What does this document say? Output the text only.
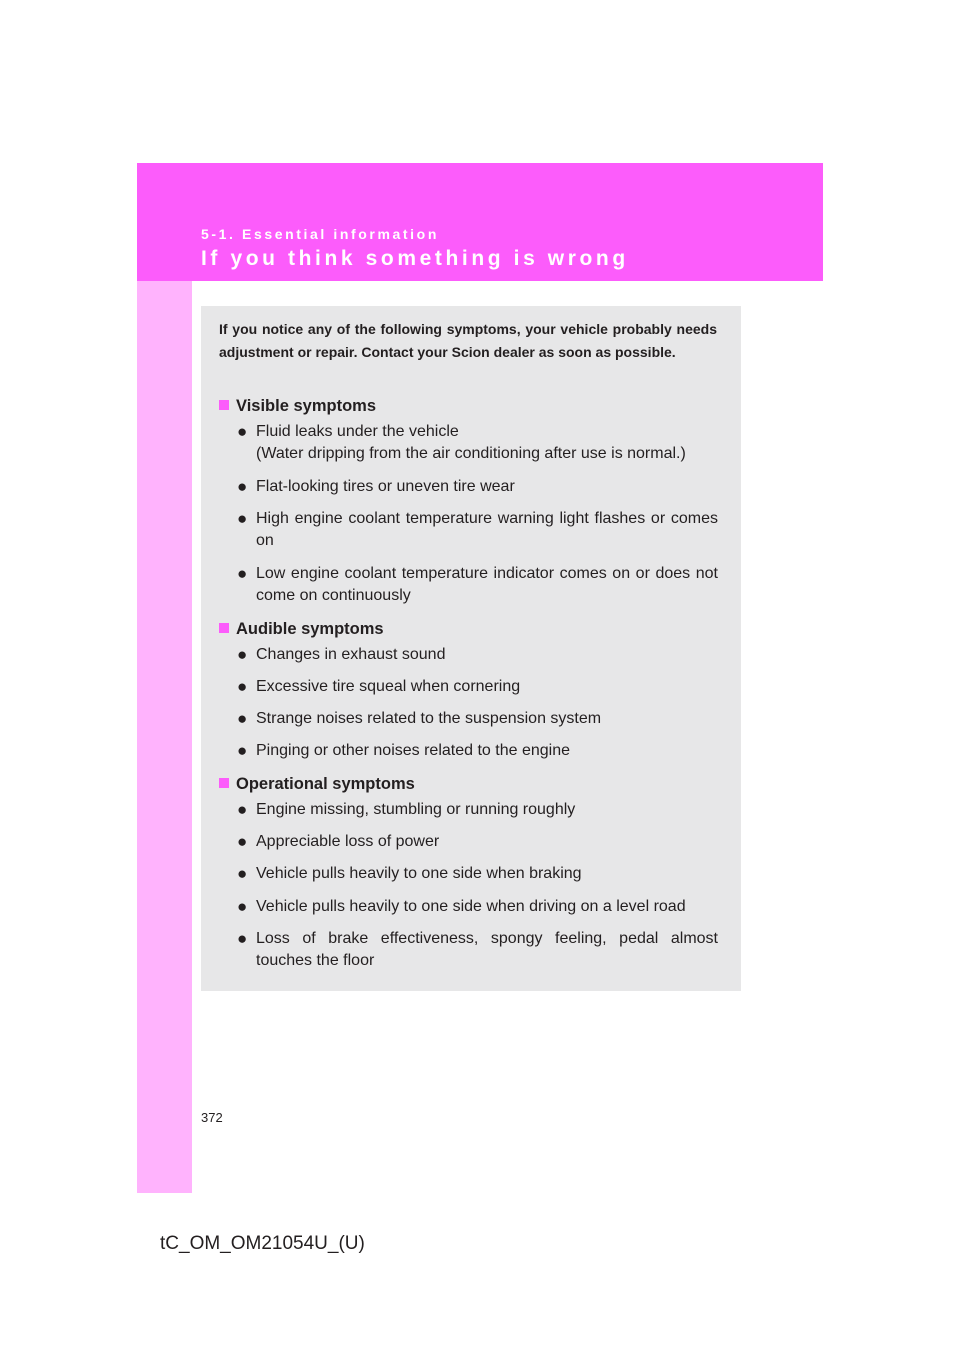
5-1. Essential information
If you think something is wrong

If you notice any of the following symptoms, your vehicle probably needs adjustment or repair. Contact your Scion dealer as soon as possible.

Visible symptoms
● Fluid leaks under the vehicle
(Water dripping from the air conditioning after use is normal.)
● Flat-looking tires or uneven tire wear
● High engine coolant temperature warning light flashes or comes on
● Low engine coolant temperature indicator comes on or does not come on continuously
Audible symptoms
● Changes in exhaust sound
● Excessive tire squeal when cornering
● Strange noises related to the suspension system
● Pinging or other noises related to the engine
Operational symptoms
● Engine missing, stumbling or running roughly
● Appreciable loss of power
● Vehicle pulls heavily to one side when braking
● Vehicle pulls heavily to one side when driving on a level road
● Loss of brake effectiveness, spongy feeling, pedal almost touches the floor
372
tC_OM_OM21054U_(U)
